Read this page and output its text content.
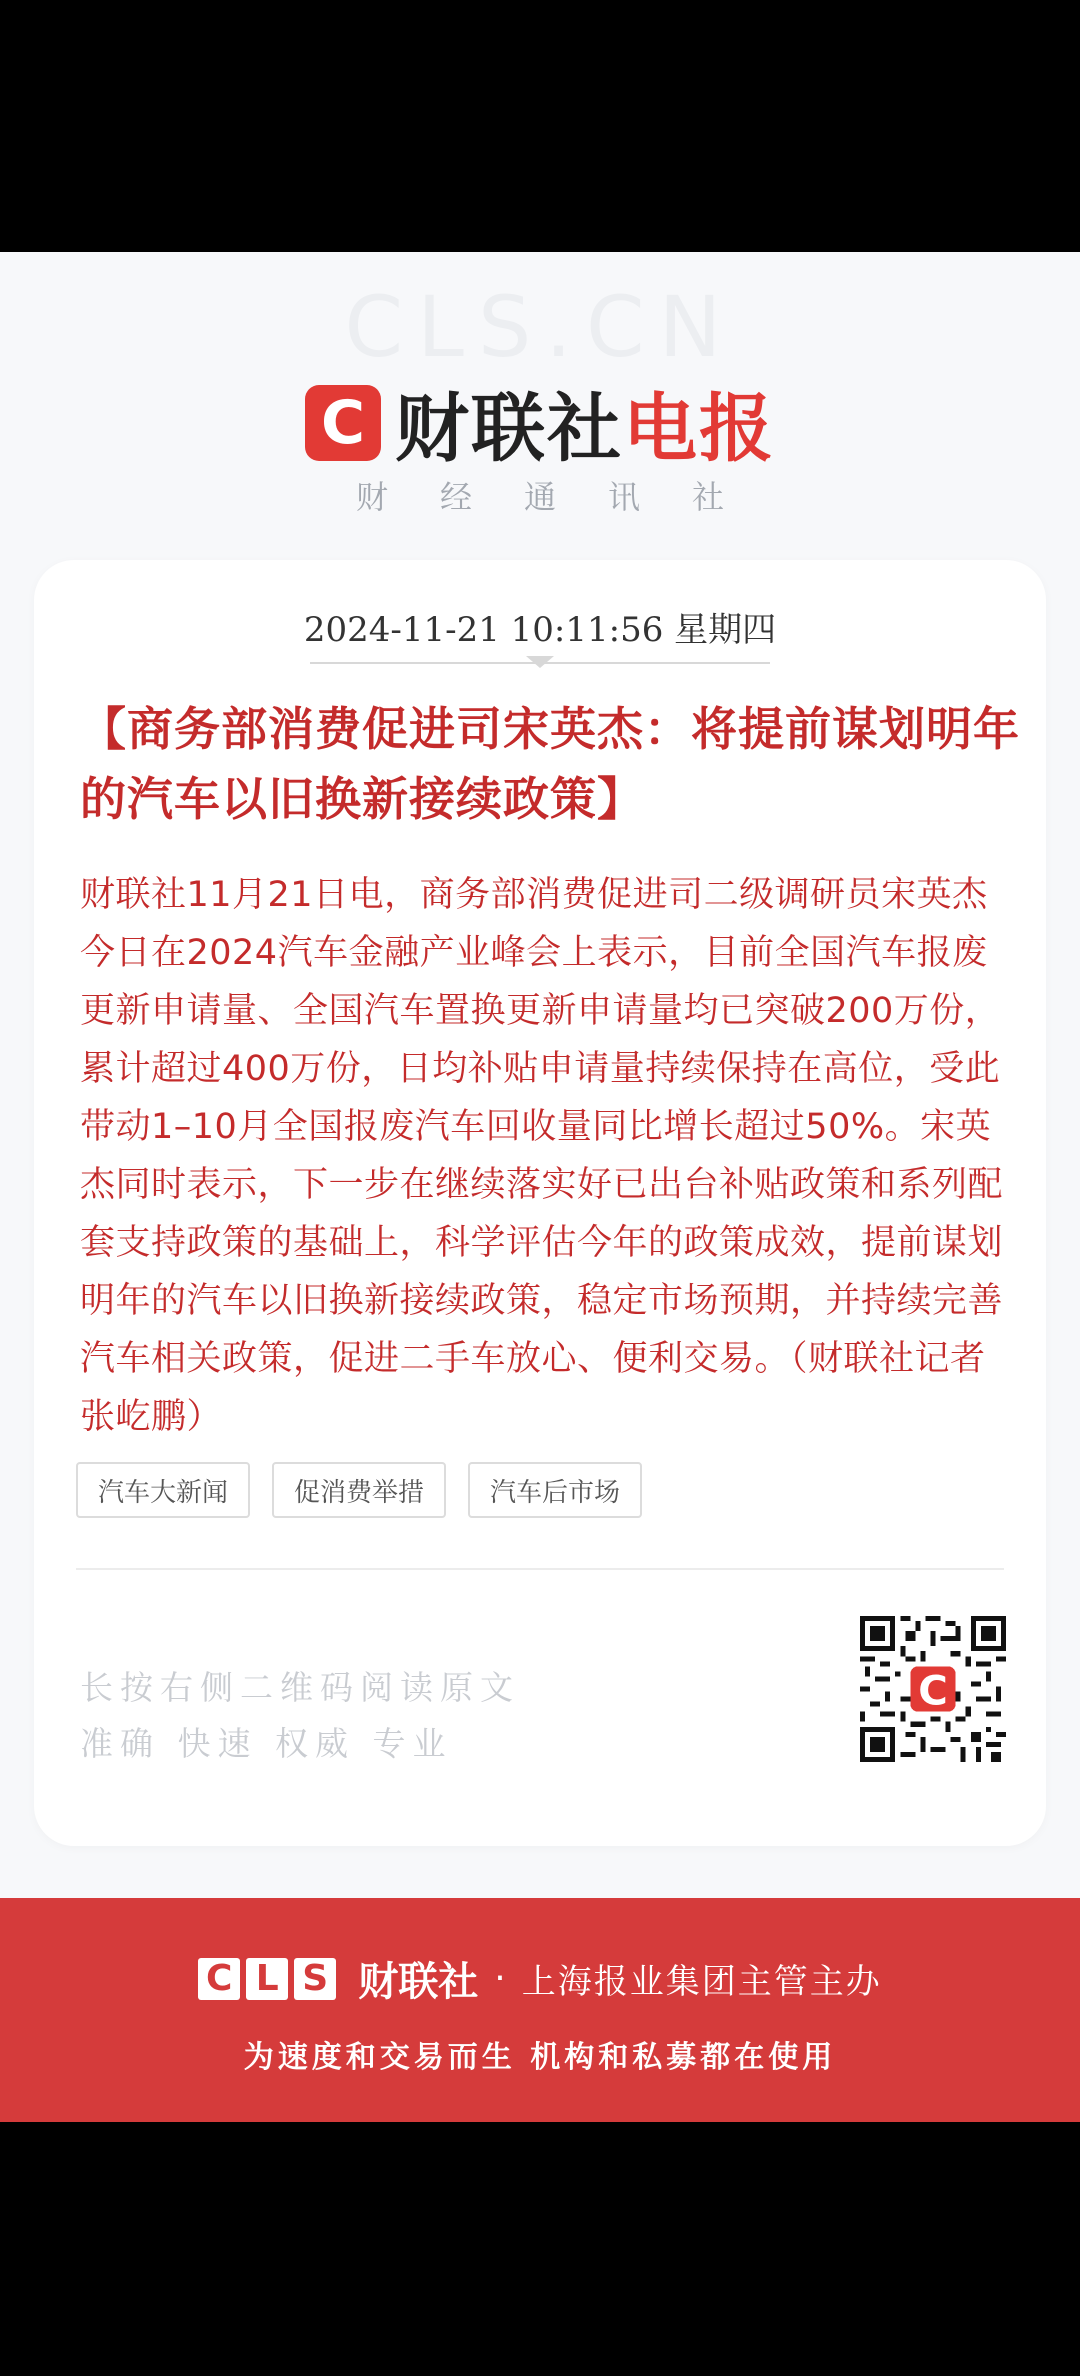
CLS.CN
C 财联社电报
财经通讯社
2024-11-21 10:11:56 星期四
【商务部消费促进司宋英杰：将提前谋划明年的汽车以旧换新接续政策】
财联社11月21日电，商务部消费促进司二级调研员宋英杰今日在2024汽车金融产业峰会上表示，目前全国汽车报废更新申请量、全国汽车置换更新申请量均已突破200万份，累计超过400万份，日均补贴申请量持续保持在高位，受此带动1–10月全国报废汽车回收量同比增长超过50%。宋英杰同时表示，下一步在继续落实好已出台补贴政策和系列配套支持政策的基础上，科学评估今年的政策成效，提前谋划明年的汽车以旧换新接续政策，稳定市场预期，并持续完善汽车相关政策，促进二手车放心、便利交易。（财联社记者 张屹鹏）
汽车大新闻	促消费举措	汽车后市场
长按右侧二维码阅读原文
准确 快速 权威 专业
C
C L S 财联社 · 上海报业集团主管主办
为速度和交易而生 机构和私募都在使用
